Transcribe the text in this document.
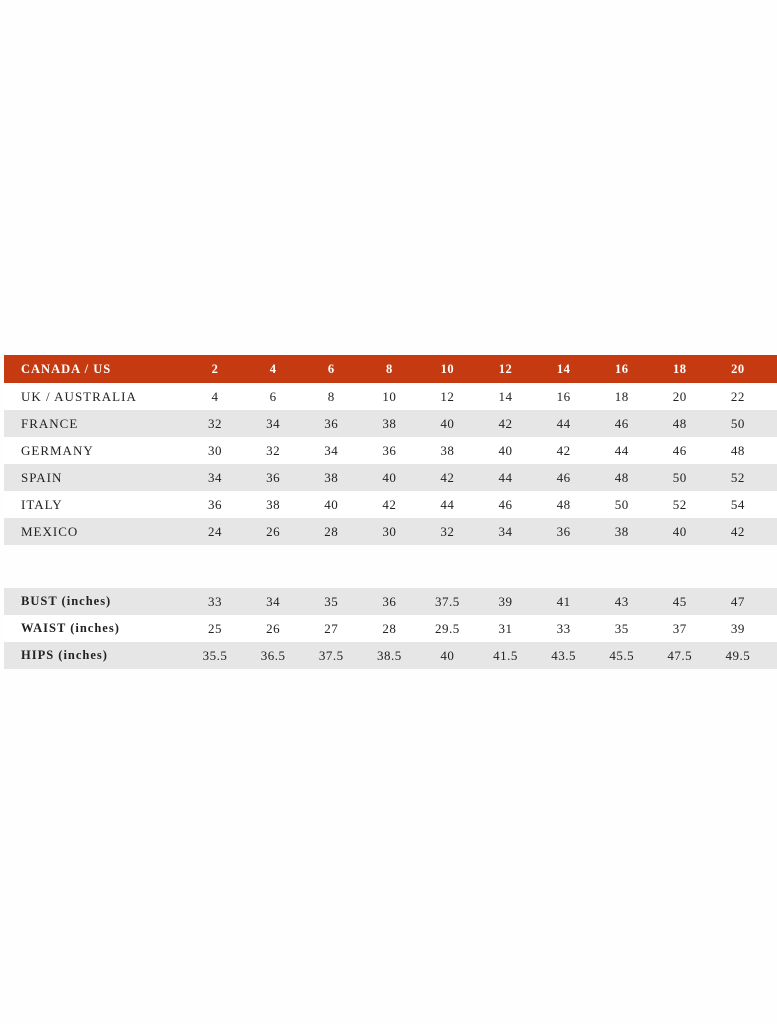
CANADA / US	2	4	6	8	10	12	14	16	18	20
UK / AUSTRALIA	4	6	8	10	12	14	16	18	20	22
FRANCE	32	34	36	38	40	42	44	46	48	50
GERMANY	30	32	34	36	38	40	42	44	46	48
SPAIN	34	36	38	40	42	44	46	48	50	52
ITALY	36	38	40	42	44	46	48	50	52	54
MEXICO	24	26	28	30	32	34	36	38	40	42
BUST (inches)	33	34	35	36	37.5	39	41	43	45	47
WAIST (inches)	25	26	27	28	29.5	31	33	35	37	39
HIPS (inches)	35.5	36.5	37.5	38.5	40	41.5	43.5	45.5	47.5	49.5
